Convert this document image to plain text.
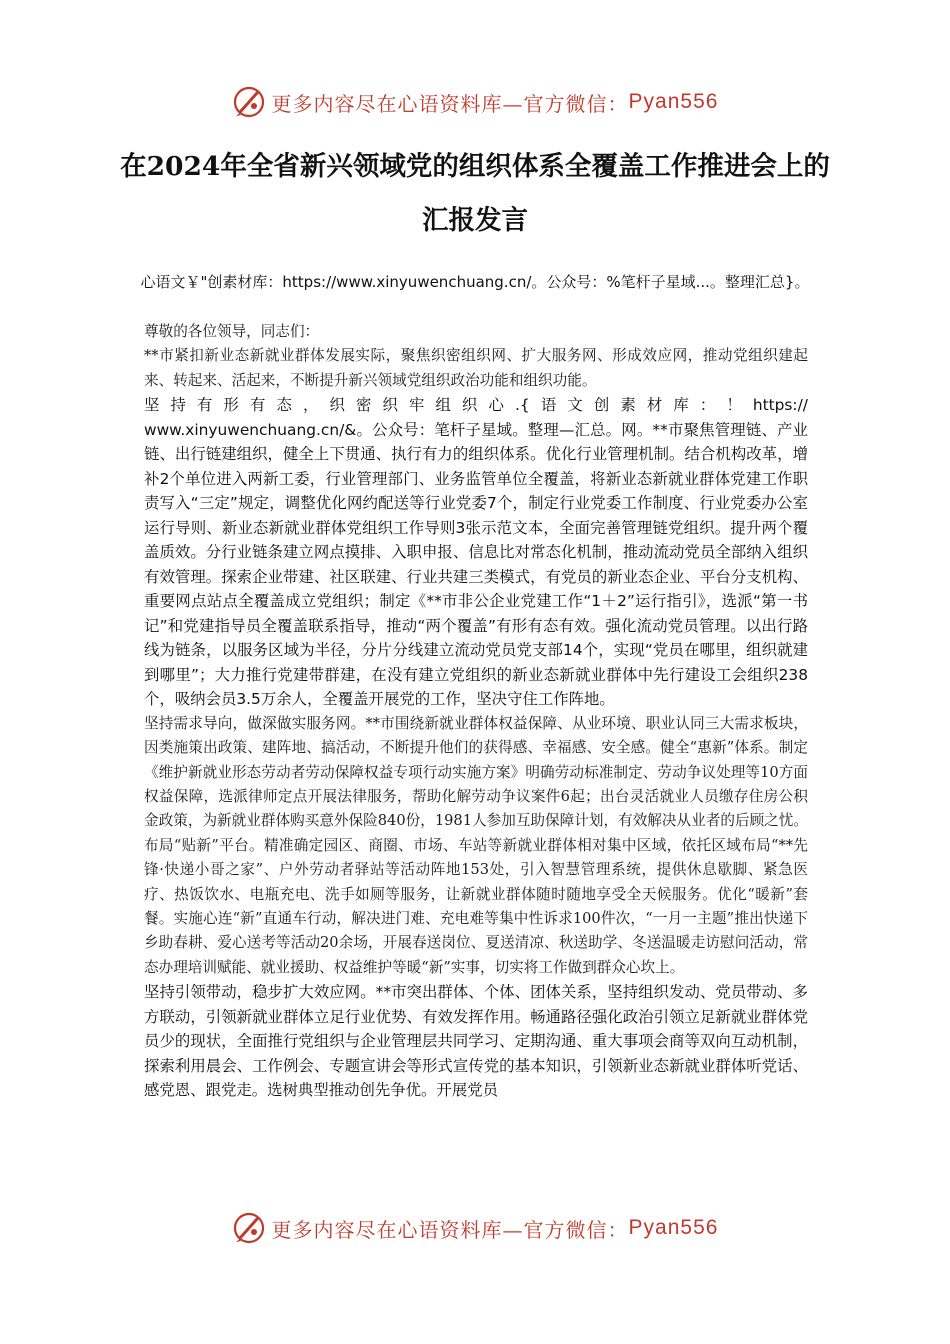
更多内容尽在心语资料库—官方微信： Pyan556
在2024年全省新兴领域党的组织体系全覆盖工作推进会上的汇报发言
心语文￥"创素材库：https://www.xinyuwenchuang.cn/。公众号：%笔杆子星域...。整理汇总}。

尊敬的各位领导，同志们：

**市紧扣新业态新就业群体发展实际，聚焦织密组织网、扩大服务网、形成效应网，推动党组织建起来、转起来、活起来，不断提升新兴领域党组织政治功能和组织功能。

坚持有形有态，织密织牢组织心.{语文创素材库：！https://

www.xinyuwenchuang.cn/&。公众号：笔杆子星域。整理—汇总。网。**市聚焦管理链、产业链、出行链建组织，健全上下贯通、执行有力的组织体系。优化行业管理机制。结合机构改革，增补2个单位进入两新工委，行业管理部门、业务监管单位全覆盖，将新业态新就业群体党建工作职责写入“三定”规定，调整优化网约配送等行业党委7个，制定行业党委工作制度、行业党委办公室运行导则、新业态新就业群体党组织工作导则3张示范文本，全面完善管理链党组织。提升两个覆盖质效。分行业链条建立网点摸排、入职申报、信息比对常态化机制，推动流动党员全部纳入组织有效管理。探索企业带建、社区联建、行业共建三类模式，有党员的新业态企业、平台分支机构、重要网点站点全覆盖成立党组织；制定《**市非公企业党建工作“1＋2”运行指引》，选派“第一书记”和党建指导员全覆盖联系指导，推动“两个覆盖”有形有态有效。强化流动党员管理。以出行路线为链条，以服务区域为半径，分片分线建立流动党员党支部14个，实现“党员在哪里，组织就建到哪里”；大力推行党建带群建，在没有建立党组织的新业态新就业群体中先行建设工会组织238个，吸纳会员3.5万余人，全覆盖开展党的工作，坚决守住工作阵地。

坚持需求导向，做深做实服务网。**市围绕新就业群体权益保障、从业环境、职业认同三大需求板块，因类施策出政策、建阵地、搞活动，不断提升他们的获得感、幸福感、安全感。健全“惠新”体系。制定《维护新就业形态劳动者劳动保障权益专项行动实施方案》明确劳动标准制定、劳动争议处理等10方面权益保障，选派律师定点开展法律服务，帮助化解劳动争议案件6起；出台灵活就业人员缴存住房公积金政策，为新就业群体购买意外保险840份，1981人参加互助保障计划，有效解决从业者的后顾之忧。布局“贴新”平台。精准确定园区、商圈、市场、车站等新就业群体相对集中区域，依托区域布局“**先锋·快递小哥之家”、户外劳动者驿站等活动阵地153处，引入智慧管理系统，提供休息歇脚、紧急医疗、热饭饮水、电瓶充电、洗手如厕等服务，让新就业群体随时随地享受全天候服务。优化“暖新”套餐。实施心连“新”直通车行动，解决进门难、充电难等集中性诉求100件次，“一月一主题”推出快递下乡助春耕、爱心送考等活动20余场，开展春送岗位、夏送清凉、秋送助学、冬送温暖走访慰问活动，常态办理培训赋能、就业援助、权益维护等暖“新”实事，切实将工作做到群众心坎上。

坚持引领带动，稳步扩大效应网。**市突出群体、个体、团体关系，坚持组织发动、党员带动、多方联动，引领新就业群体立足行业优势、有效发挥作用。畅通路径强化政治引领立足新就业群体党员少的现状，全面推行党组织与企业管理层共同学习、定期沟通、重大事项会商等双向互动机制，探索利用晨会、工作例会、专题宣讲会等形式宣传党的基本知识，引领新业态新就业群体听党话、感党恩、跟党走。选树典型推动创先争优。开展党员

更多内容尽在心语资料库—官方微信： Pyan556
